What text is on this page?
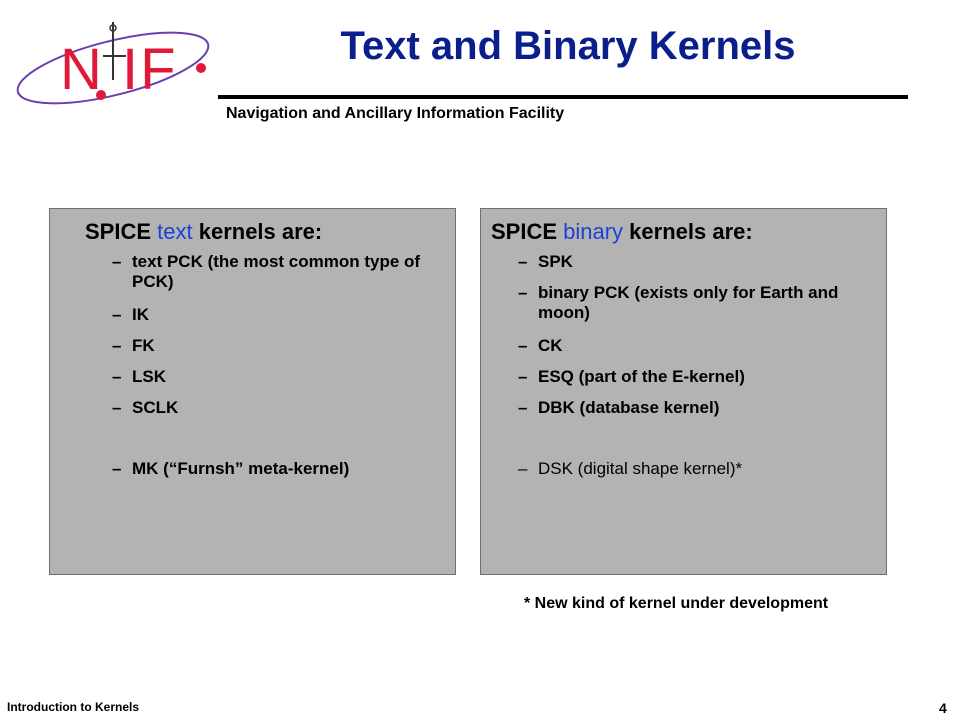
N IF	Text and Binary Kernels
Navigation and Ancillary Information Facility
SPICE text kernels are:
– text PCK (the most common type of PCK)
– IK
– FK
– LSK
– SCLK
– MK (“Furnsh” meta-kernel)
SPICE binary kernels are:
– SPK
– binary PCK (exists only for Earth and moon)
– CK
– ESQ (part of the E-kernel)
– DBK (database kernel)
– DSK (digital shape kernel)*
* New kind of kernel under development
Introduction to Kernels	4
